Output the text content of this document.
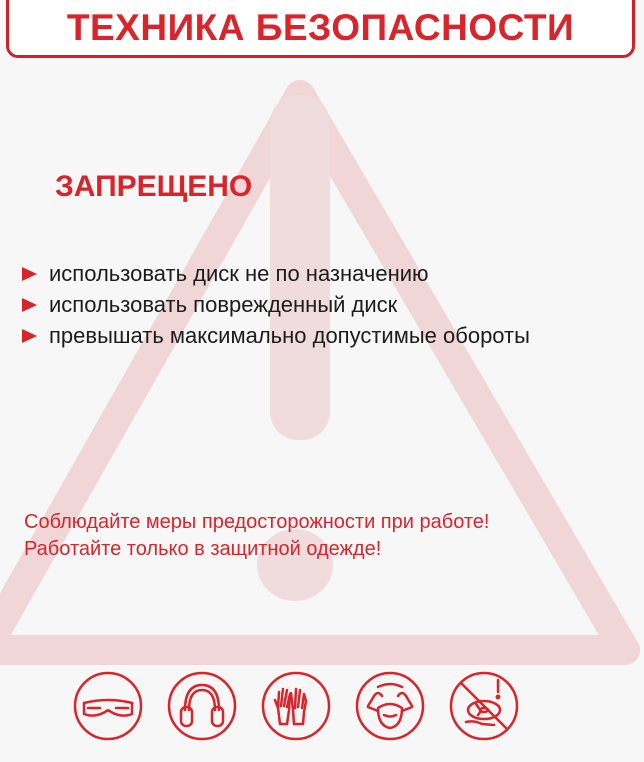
ТЕХНИКА БЕЗОПАСНОСТИ
ЗАПРЕЩЕНО
использовать диск не по назначению
использовать поврежденный диск
превышать максимально допустимые обороты
Соблюдайте меры предосторожности при работе!
Работайте только в защитной одежде!
